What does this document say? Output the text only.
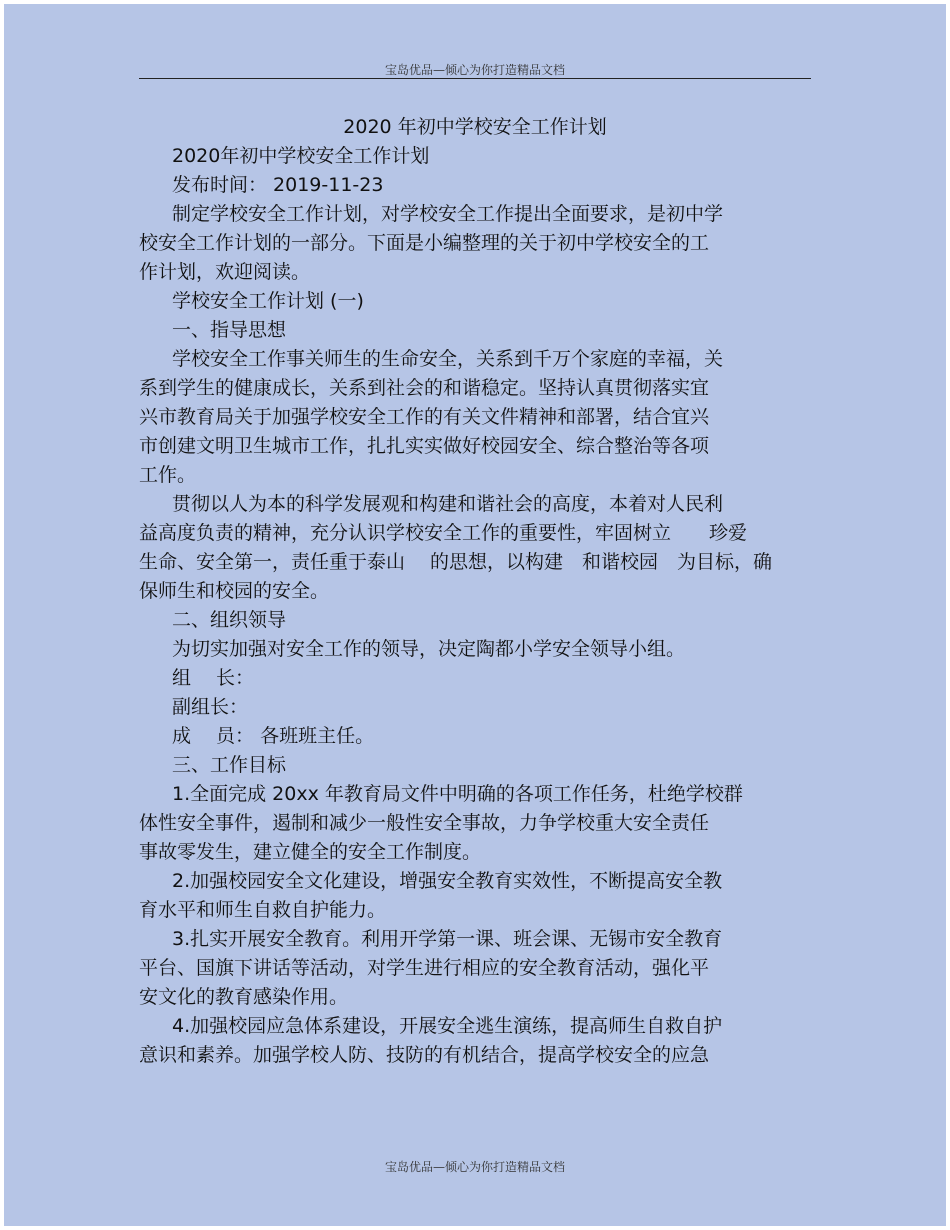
宝岛优品—倾心为你打造精品文档
2020 年初中学校安全工作计划
2020年初中学校安全工作计划
发布时间： 2019-11-23
制定学校安全工作计划，对学校安全工作提出全面要求，是初中学
校安全工作计划的一部分。下面是小编整理的关于初中学校安全的工
作计划，欢迎阅读。
学校安全工作计划 (一)
一、指导思想
学校安全工作事关师生的生命安全，关系到千万个家庭的幸福，关
系到学生的健康成长，关系到社会的和谐稳定。坚持认真贯彻落实宜
兴市教育局关于加强学校安全工作的有关文件精神和部署，结合宜兴
市创建文明卫生城市工作，扎扎实实做好校园安全、综合整治等各项
工作。
贯彻以人为本的科学发展观和构建和谐社会的高度，本着对人民利
益高度负责的精神，充分认识学校安全工作的重要性，牢固树立　　珍爱
生命、安全第一，责任重于泰山　 的思想，以构建　和谐校园　为目标，确
保师生和校园的安全。
二、组织领导
为切实加强对安全工作的领导，决定陶都小学安全领导小组。
组　 长：
副组长：
成　 员： 各班班主任。
三、工作目标
1.全面完成 20xx 年教育局文件中明确的各项工作任务，杜绝学校群
体性安全事件，遏制和减少一般性安全事故，力争学校重大安全责任
事故零发生，建立健全的安全工作制度。
2.加强校园安全文化建设，增强安全教育实效性，不断提高安全教
育水平和师生自救自护能力。
3.扎实开展安全教育。利用开学第一课、班会课、无锡市安全教育
平台、国旗下讲话等活动，对学生进行相应的安全教育活动，强化平
安文化的教育感染作用。
4.加强校园应急体系建设，开展安全逃生演练，提高师生自救自护
意识和素养。加强学校人防、技防的有机结合，提高学校安全的应急
宝岛优品—倾心为你打造精品文档
